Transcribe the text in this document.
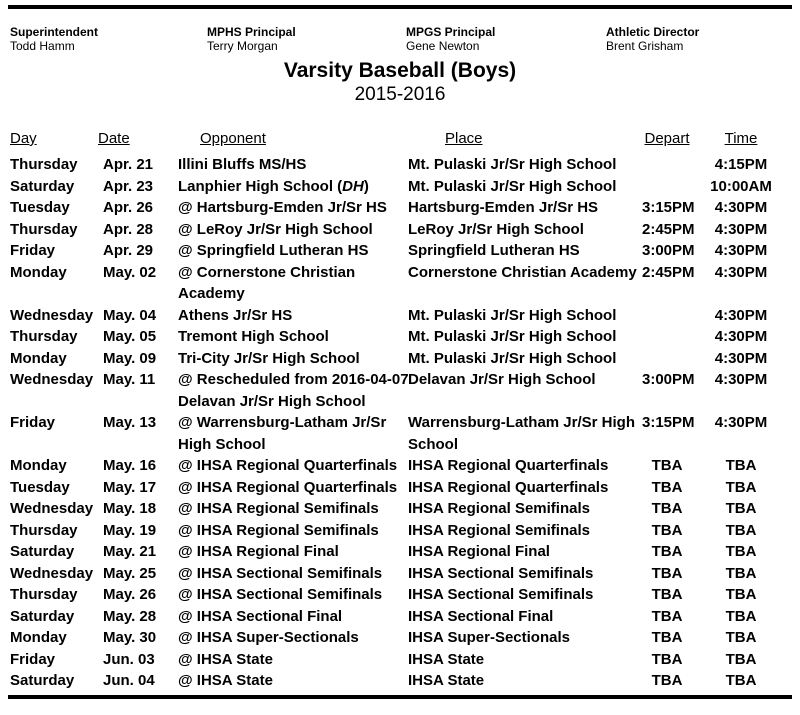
Superintendent
Todd Hamm
MPHS Principal
Terry Morgan
MPGS Principal
Gene Newton
Athletic Director
Brent Grisham
Varsity Baseball (Boys)
2015-2016
Day	Date	Opponent	Place	Depart	Time
Thursday	Apr. 21	Illini Bluffs MS/HS	Mt. Pulaski Jr/Sr High School		4:15PM
Saturday	Apr. 23	Lanphier High School (DH)	Mt. Pulaski Jr/Sr High School		10:00AM
Tuesday	Apr. 26	@ Hartsburg-Emden Jr/Sr HS	Hartsburg-Emden Jr/Sr HS	3:15PM	4:30PM
Thursday	Apr. 28	@ LeRoy Jr/Sr High School	LeRoy Jr/Sr High School	2:45PM	4:30PM
Friday	Apr. 29	@ Springfield Lutheran HS	Springfield Lutheran HS	3:00PM	4:30PM
Monday	May. 02	@ Cornerstone Christian
Academy	Cornerstone Christian Academy	2:45PM	4:30PM
Wednesday	May. 04	Athens Jr/Sr HS	Mt. Pulaski Jr/Sr High School		4:30PM
Thursday	May. 05	Tremont High School	Mt. Pulaski Jr/Sr High School		4:30PM
Monday	May. 09	Tri-City Jr/Sr High School	Mt. Pulaski Jr/Sr High School		4:30PM
Wednesday	May. 11	@ Rescheduled from 2016-04-07
Delavan Jr/Sr High School	Delavan Jr/Sr High School	3:00PM	4:30PM
Friday	May. 13	@ Warrensburg-Latham Jr/Sr
High School	Warrensburg-Latham Jr/Sr High
School	3:15PM	4:30PM
Monday	May. 16	@ IHSA Regional Quarterfinals	IHSA Regional Quarterfinals	TBA	TBA
Tuesday	May. 17	@ IHSA Regional Quarterfinals	IHSA Regional Quarterfinals	TBA	TBA
Wednesday	May. 18	@ IHSA Regional Semifinals	IHSA Regional Semifinals	TBA	TBA
Thursday	May. 19	@ IHSA Regional Semifinals	IHSA Regional Semifinals	TBA	TBA
Saturday	May. 21	@ IHSA Regional Final	IHSA Regional Final	TBA	TBA
Wednesday	May. 25	@ IHSA Sectional Semifinals	IHSA Sectional Semifinals	TBA	TBA
Thursday	May. 26	@ IHSA Sectional Semifinals	IHSA Sectional Semifinals	TBA	TBA
Saturday	May. 28	@ IHSA Sectional Final	IHSA Sectional Final	TBA	TBA
Monday	May. 30	@ IHSA Super-Sectionals	IHSA Super-Sectionals	TBA	TBA
Friday	Jun. 03	@ IHSA State	IHSA State	TBA	TBA
Saturday	Jun. 04	@ IHSA State	IHSA State	TBA	TBA
